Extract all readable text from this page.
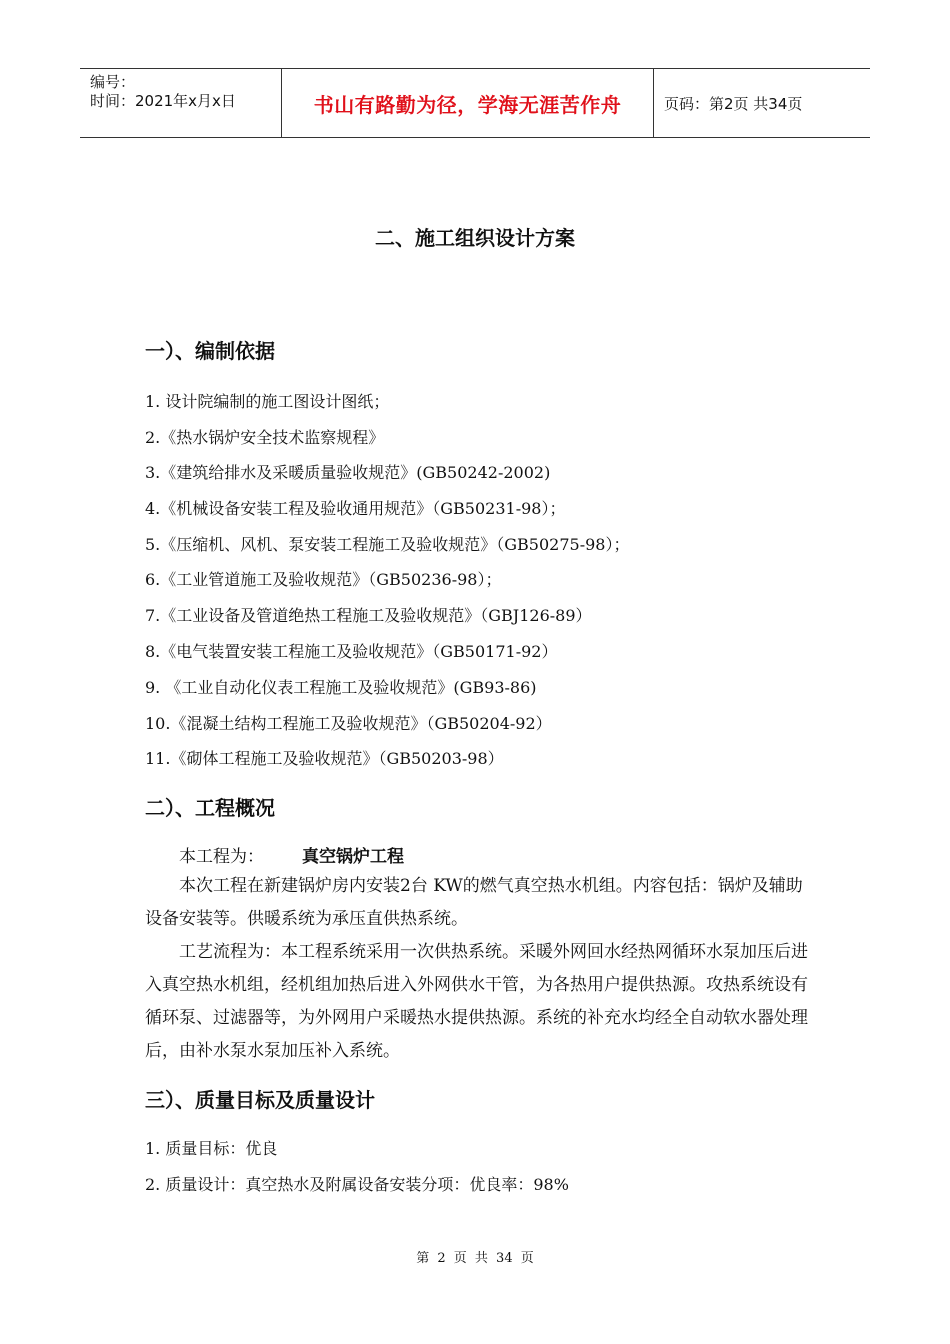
编号：
时间：2021年x月x日	书山有路勤为径，学海无涯苦作舟	页码：第2页 共34页
二、施工组织设计方案
一）、编制依据
1. 设计院编制的施工图设计图纸；
2.《热水锅炉安全技术监察规程》
3.《建筑给排水及采暖质量验收规范》(GB50242-2002)
4.《机械设备安装工程及验收通用规范》（GB50231-98）；
5.《压缩机、风机、泵安装工程施工及验收规范》（GB50275-98）；
6.《工业管道施工及验收规范》（GB50236-98）；
7.《工业设备及管道绝热工程施工及验收规范》（GBJ126-89）
8.《电气装置安装工程施工及验收规范》（GB50171-92）
9. 《工业自动化仪表工程施工及验收规范》(GB93-86)
10.《混凝土结构工程施工及验收规范》（GB50204-92）
11.《砌体工程施工及验收规范》（GB50203-98）
二）、工程概况
本工程为： 真空锅炉工程

本次工程在新建锅炉房内安装2台 KW的燃气真空热水机组。内容包括：锅炉及辅助设备安装等。供暖系统为承压直供热系统。

工艺流程为：本工程系统采用一次供热系统。采暖外网回水经热网循环水泵加压后进入真空热水机组，经机组加热后进入外网供水干管，为各热用户提供热源。攻热系统设有循环泵、过滤器等，为外网用户采暖热水提供热源。系统的补充水均经全自动软水器处理后，由补水泵水泵加压补入系统。

三）、质量目标及质量设计
1. 质量目标：优良
2. 质量设计：真空热水及附属设备安装分项：优良率：98%
第 2 页 共 34 页
